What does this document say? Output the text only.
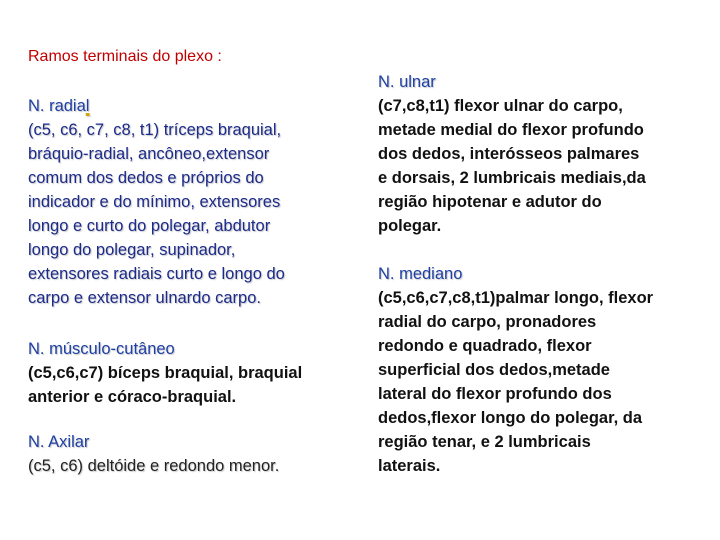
Ramos terminais do plexo :
N. radial
(c5, c6, c7, c8, t1) tríceps braquial,
bráquio-radial, ancôneo,extensor
comum dos dedos e próprios do
indicador e do mínimo, extensores
longo e curto do polegar, abdutor
longo do polegar, supinador,
extensores radiais curto e longo do
carpo e extensor ulnardo carpo.
N. músculo-cutâneo
(c5,c6,c7) bíceps braquial, braquial
anterior e córaco-braquial.
N. Axilar
(c5, c6) deltóide e redondo menor.
N. ulnar
(c7,c8,t1) flexor ulnar do carpo,
metade medial do flexor profundo
dos dedos, interósseos palmares
e dorsais, 2 lumbricais mediais,da
região hipotenar e adutor do
polegar.
N. mediano
(c5,c6,c7,c8,t1)palmar longo, flexor
radial do carpo, pronadores
redondo e quadrado, flexor
superficial dos dedos,metade
lateral do flexor profundo dos
dedos,flexor longo do polegar, da
região tenar, e 2 lumbricais
laterais.
